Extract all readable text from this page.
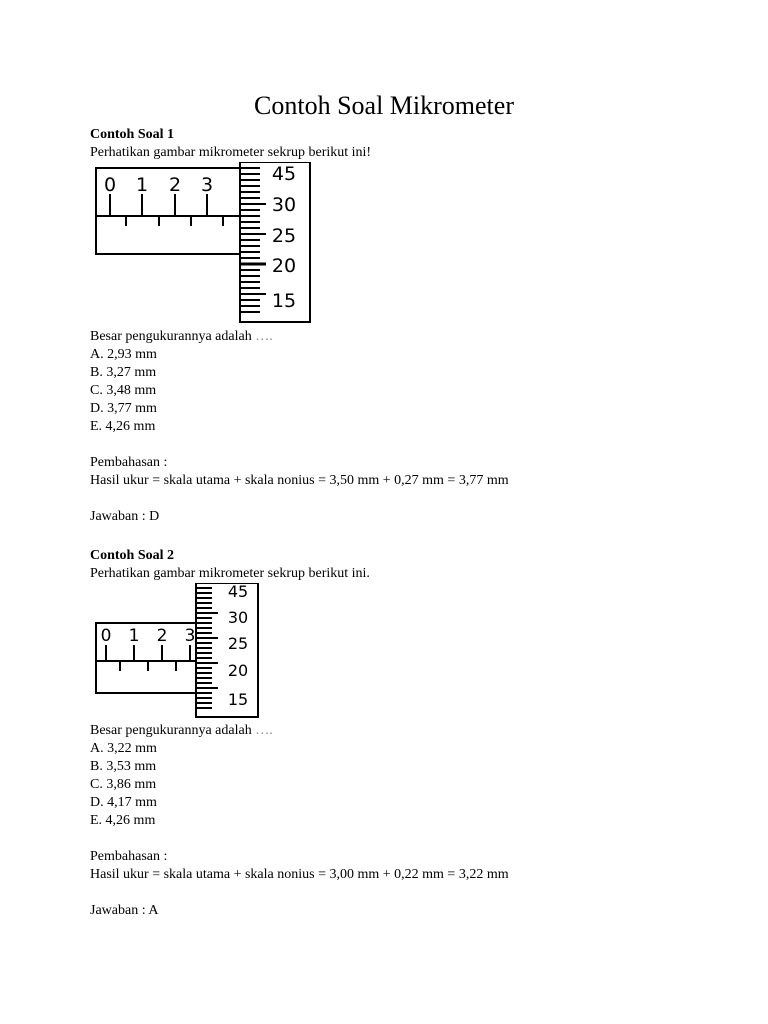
Contoh Soal Mikrometer

Contoh Soal 1

Perhatikan gambar mikrometer sekrup berikut ini!

0 1 2 3	45
30
25
20
15

Besar pengukurannya adalah ….

A. 2,93 mm

B. 3,27 mm

C. 3,48 mm

D. 3,77 mm

E. 4,26 mm

Pembahasan :

Hasil ukur = skala utama + skala nonius = 3,50 mm + 0,27 mm = 3,77 mm

Jawaban : D

Contoh Soal 2

Perhatikan gambar mikrometer sekrup berikut ini.

0 1 2 3
45
30
25
20
15

Besar pengukurannya adalah ….

A. 3,22 mm

B. 3,53 mm

C. 3,86 mm

D. 4,17 mm

E. 4,26 mm

Pembahasan :

Hasil ukur = skala utama + skala nonius = 3,00 mm + 0,22 mm = 3,22 mm

Jawaban : A
